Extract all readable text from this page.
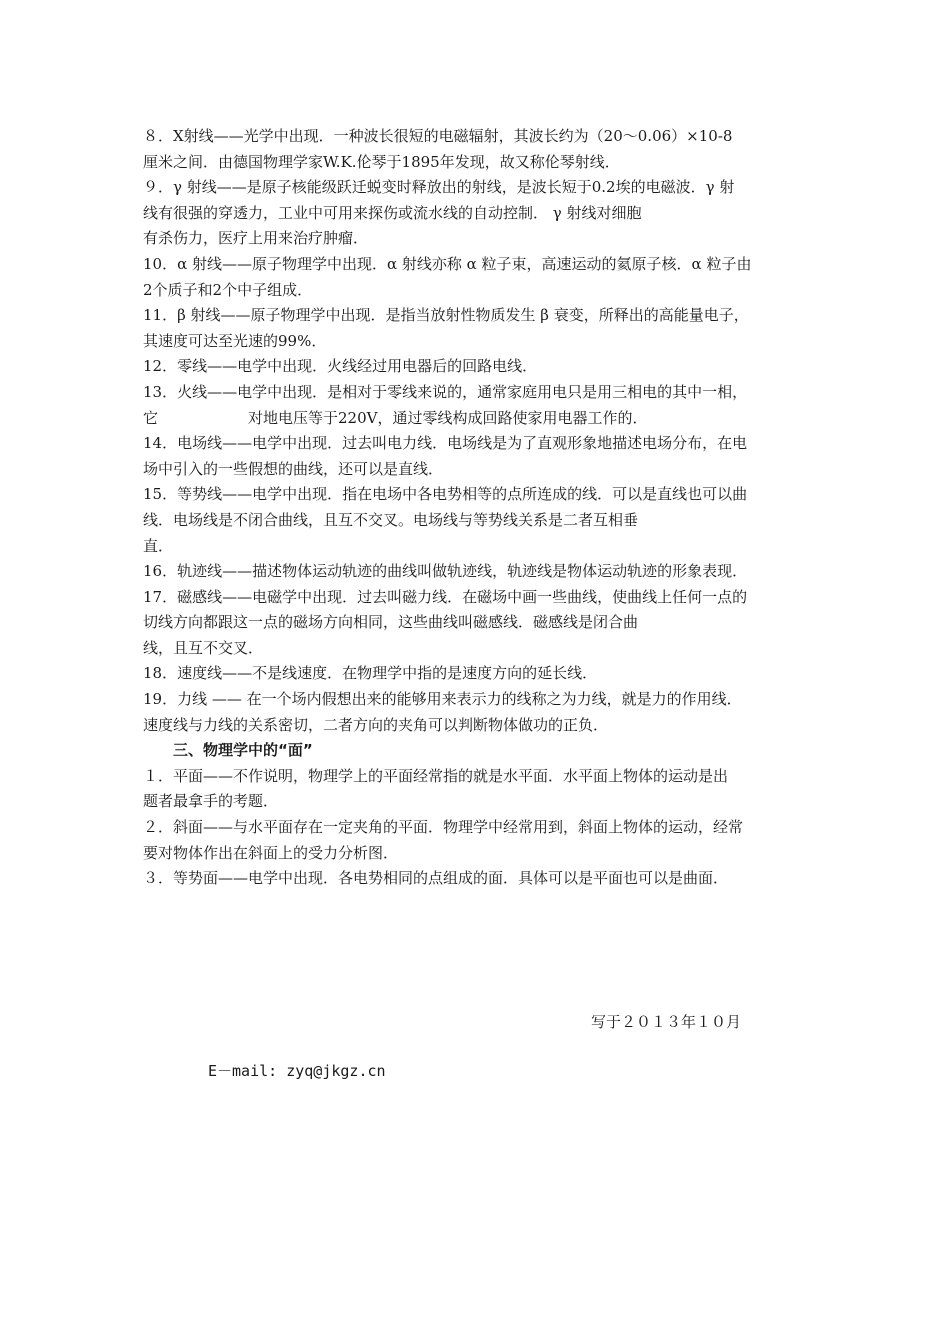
８．X射线——光学中出现．一种波长很短的电磁辐射，其波长约为（20～0.06）×10-8
厘米之间．由德国物理学家W.K.伦琴于1895年发现，故又称伦琴射线．

９．γ 射线——是原子核能级跃迁蜕变时释放出的射线，是波长短于0.2埃的电磁波．γ 射
线有很强的穿透力，工业中可用来探伤或流水线的自动控制． γ 射线对细胞
有杀伤力，医疗上用来治疗肿瘤．

10．α 射线——原子物理学中出现．α 射线亦称 α 粒子束，高速运动的氦原子核．α 粒子由
2个质子和2个中子组成．

11．β 射线——原子物理学中出现．是指当放射性物质发生 β 衰变，所释出的高能量电子，
其速度可达至光速的99%．

12．零线——电学中出现．火线经过用电器后的回路电线．

13．火线——电学中出现．是相对于零线来说的，通常家庭用电只是用三相电的其中一相，
它　　　　　　对地电压等于220V，通过零线构成回路使家用电器工作的．

14．电场线——电学中出现．过去叫电力线．电场线是为了直观形象地描述电场分布，在电
场中引入的一些假想的曲线，还可以是直线．

15．等势线——电学中出现．指在电场中各电势相等的点所连成的线．可以是直线也可以曲
线．电场线是不闭合曲线，且互不交叉。电场线与等势线关系是二者互相垂
直．

16．轨迹线——描述物体运动轨迹的曲线叫做轨迹线，轨迹线是物体运动轨迹的形象表现．

17．磁感线——电磁学中出现．过去叫磁力线．在磁场中画一些曲线，使曲线上任何一点的
切线方向都跟这一点的磁场方向相同，这些曲线叫磁感线．磁感线是闭合曲
线，且互不交叉．

18．速度线——不是线速度．在物理学中指的是速度方向的延长线．

19．力线 —— 在一个场内假想出来的能够用来表示力的线称之为力线，就是力的作用线．
速度线与力线的关系密切，二者方向的夹角可以判断物体做功的正负．

三、物理学中的“面”

１．平面——不作说明，物理学上的平面经常指的就是水平面．水平面上物体的运动是出
题者最拿手的考题．

２．斜面——与水平面存在一定夹角的平面．物理学中经常用到，斜面上物体的运动，经常
要对物体作出在斜面上的受力分析图．

３．等势面——电学中出现．各电势相同的点组成的面．具体可以是平面也可以是曲面．

写于２０１３年１０月

E－mail: zyq@jkgz.cn
